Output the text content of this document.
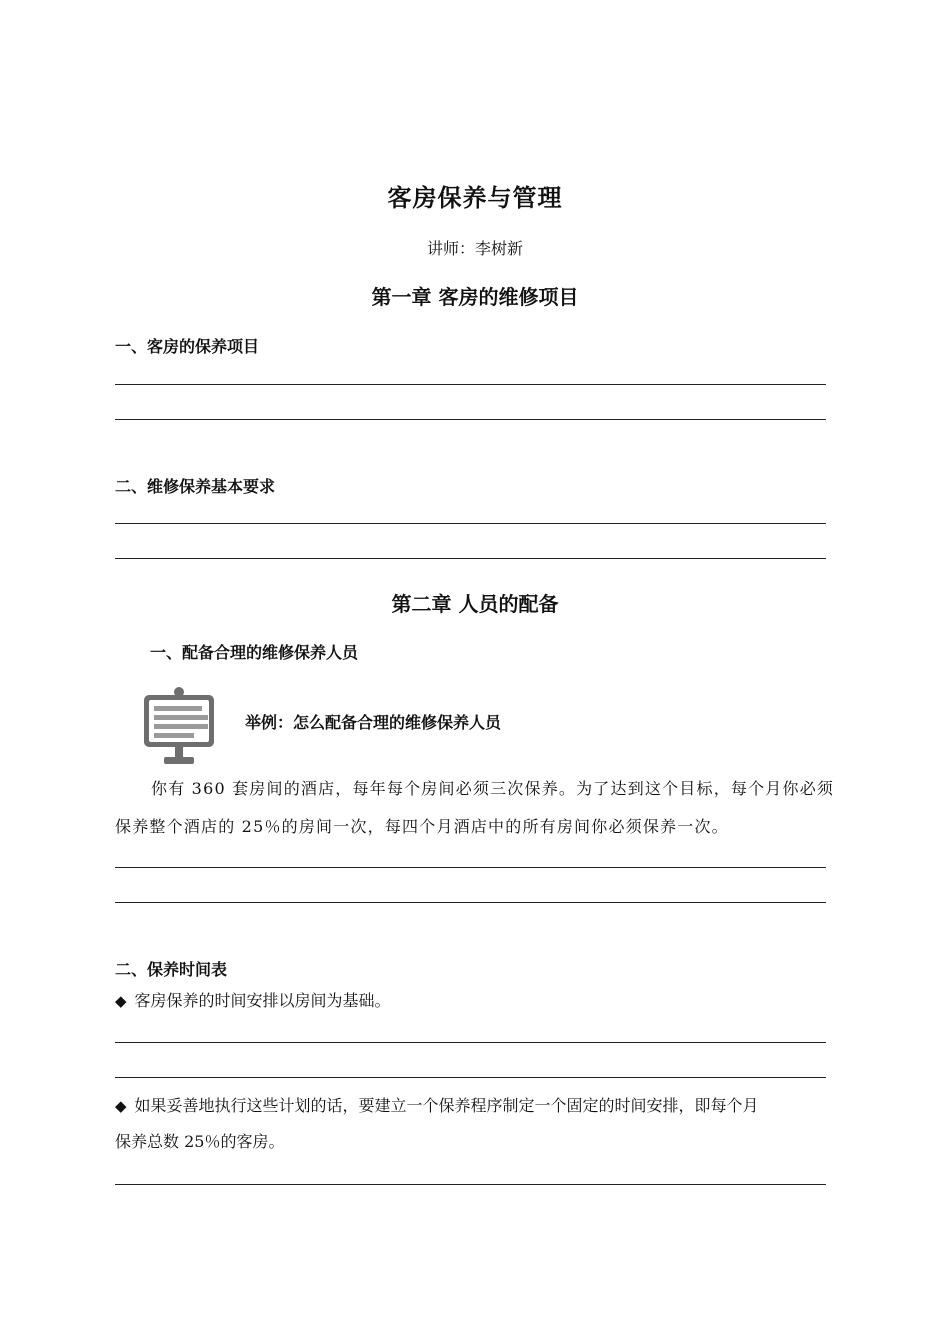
客房保养与管理
讲师：李树新
第一章 客房的维修项目
一、客房的保养项目
二、维修保养基本要求
第二章 人员的配备
一、配备合理的维修保养人员
举例：怎么配备合理的维修保养人员
你有 360 套房间的酒店，每年每个房间必须三次保养。为了达到这个目标，每个月你必须
保养整个酒店的 25％的房间一次，每四个月酒店中的所有房间你必须保养一次。
二、保养时间表
◆ 客房保养的时间安排以房间为基础。
◆ 如果妥善地执行这些计划的话，要建立一个保养程序制定一个固定的时间安排，即每个月
保养总数 25％的客房。
